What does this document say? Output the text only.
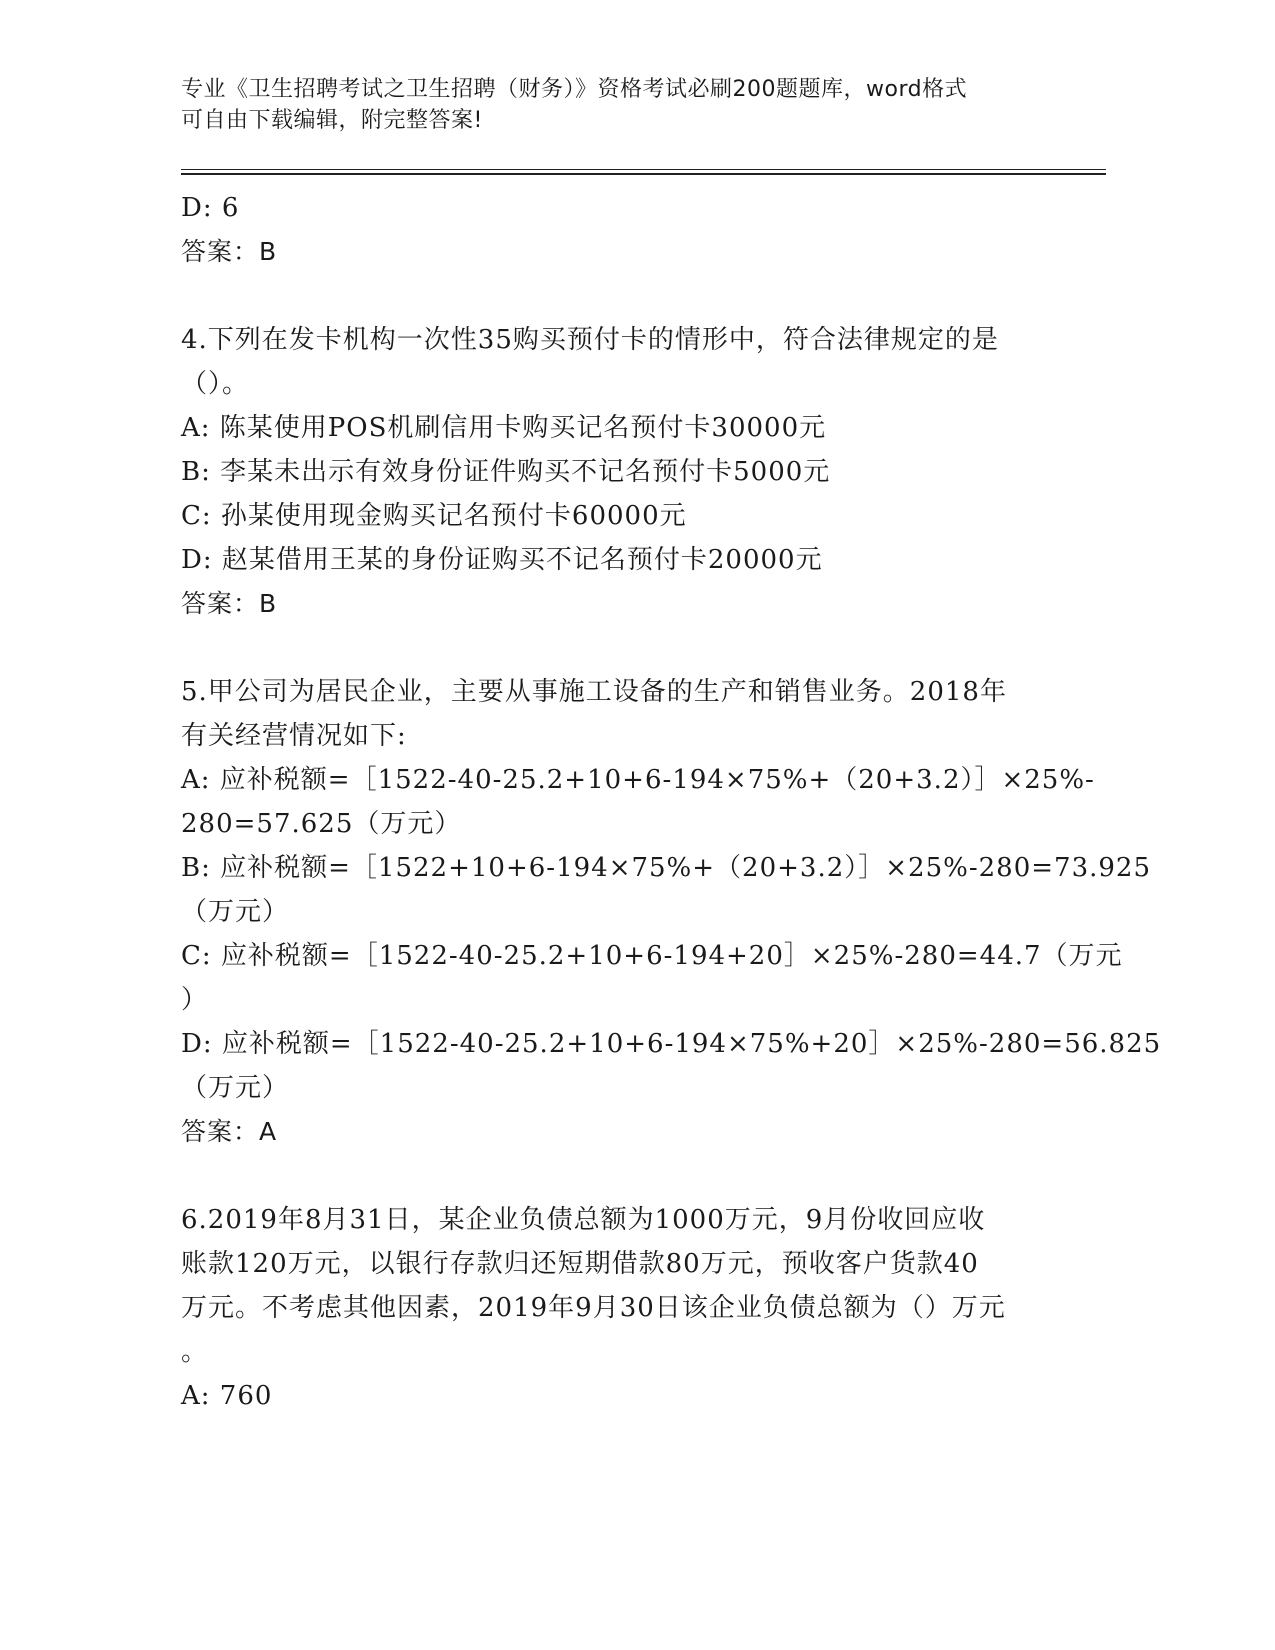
专业《卫生招聘考试之卫生招聘（财务）》资格考试必刷200题题库，word格式
可自由下载编辑，附完整答案!
D: 6
答案：B
4.下列在发卡机构一次性35购买预付卡的情形中，符合法律规定的是
（）。
A: 陈某使用POS机刷信用卡购买记名预付卡30000元
B: 李某未出示有效身份证件购买不记名预付卡5000元
C: 孙某使用现金购买记名预付卡60000元
D: 赵某借用王某的身份证购买不记名预付卡20000元
答案：B
5.甲公司为居民企业，主要从事施工设备的生产和销售业务。2018年
有关经营情况如下:
A: 应补税额=［1522-40-25.2+10+6-194×75%+（20+3.2）］×25%-
280=57.625（万元）
B: 应补税额=［1522+10+6-194×75%+（20+3.2）］×25%-280=73.925
（万元）
C: 应补税额=［1522-40-25.2+10+6-194+20］×25%-280=44.7（万元
）
D: 应补税额=［1522-40-25.2+10+6-194×75%+20］×25%-280=56.825
（万元）
答案：A
6.2019年8月31日，某企业负债总额为1000万元，9月份收回应收
账款120万元，以银行存款归还短期借款80万元，预收客户货款40
万元。不考虑其他因素，2019年9月30日该企业负债总额为（）万元
。
A: 760
